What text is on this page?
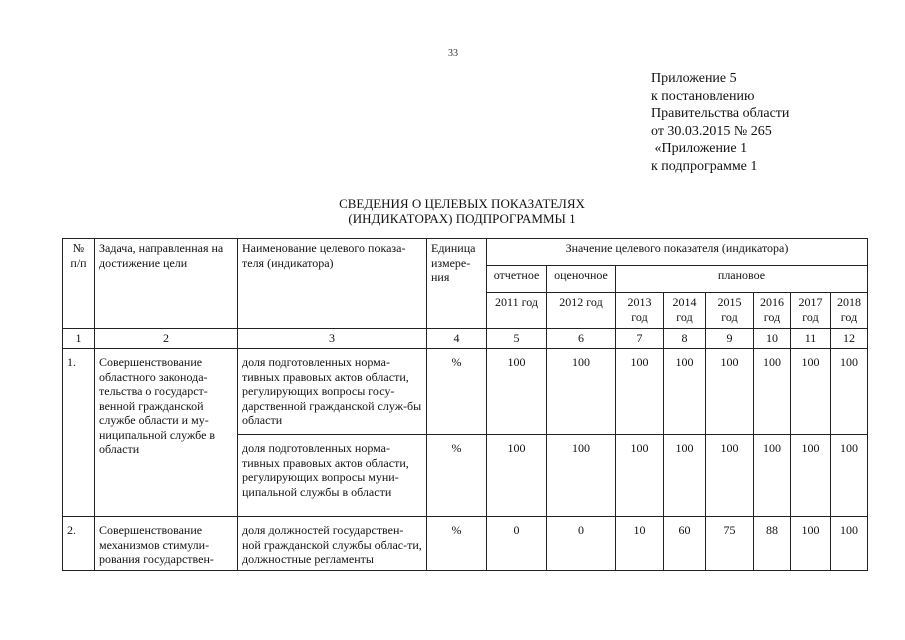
33
Приложение 5
к постановлению
Правительства области
от 30.03.2015 № 265
«Приложение 1
к подпрограмме 1
СВЕДЕНИЯ О ЦЕЛЕВЫХ ПОКАЗАТЕЛЯХ
(ИНДИКАТОРАХ) ПОДПРОГРАММЫ 1
№ п/п	Задача, направленная на достижение цели	Наименование целевого показа-теля (индикатора)	Единица измере-ния	Значение целевого показателя (индикатора)							
				отчетное	оценочное	плановое					
				2011 год	2012 год	2013 год	2014 год	2015 год	2016 год	2017 год	2018 год
1	2	3	4	5	6	7	8	9	10	11	12
1.	Совершенствование областного законода-тельства о государст-венной гражданской службе области и му-ниципальной службе в области	доля подготовленных норма-тивных правовых актов области, регулирующих вопросы госу-дарственной гражданской служ-бы области	%	100	100	100	100	100	100	100	100
		доля подготовленных норма-тивных правовых актов области, регулирующих вопросы муни-ципальной службы в области	%	100	100	100	100	100	100	100	100
2.	Совершенствование механизмов стимули-рования государствен-	доля должностей государствен-ной гражданской службы облас-ти, должностные регламенты	%	0	0	10	60	75	88	100	100
